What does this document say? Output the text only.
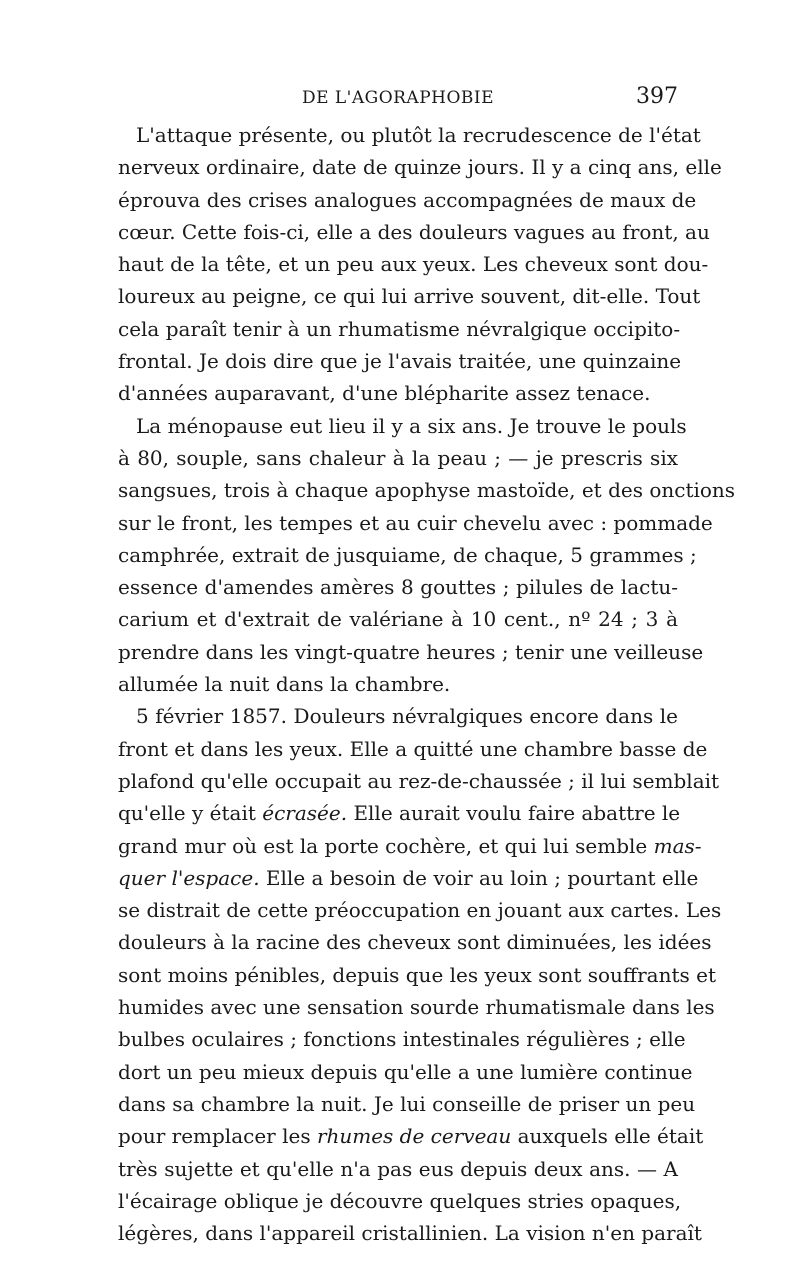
DE L'AGORAPHOBIE	397
L'attaque présente, ou plutôt la recrudescence de l'état
nerveux ordinaire, date de quinze jours. Il y a cinq ans, elle
éprouva des crises analogues accompagnées de maux de
cœur. Cette fois-ci, elle a des douleurs vagues au front, au
haut de la tête, et un peu aux yeux. Les cheveux sont dou-
loureux au peigne, ce qui lui arrive souvent, dit-elle. Tout
cela paraît tenir à un rhumatisme névralgique occipito-
frontal. Je dois dire que je l'avais traitée, une quinzaine
d'années auparavant, d'une blépharite assez tenace.
La ménopause eut lieu il y a six ans. Je trouve le pouls
à 80, souple, sans chaleur à la peau ; — je prescris six
sangsues, trois à chaque apophyse mastoïde, et des onctions
sur le front, les tempes et au cuir chevelu avec : pommade
camphrée, extrait de jusquiame, de chaque, 5 grammes ;
essence d'amendes amères 8 gouttes ; pilules de lactu-
carium et d'extrait de valériane à 10 cent., nº 24 ; 3 à
prendre dans les vingt-quatre heures ; tenir une veilleuse
allumée la nuit dans la chambre.
5 février 1857. Douleurs névralgiques encore dans le
front et dans les yeux. Elle a quitté une chambre basse de
plafond qu'elle occupait au rez-de-chaussée ; il lui semblait
qu'elle y était écrasée. Elle aurait voulu faire abattre le
grand mur où est la porte cochère, et qui lui semble mas-
quer l'espace. Elle a besoin de voir au loin ; pourtant elle
se distrait de cette préoccupation en jouant aux cartes. Les
douleurs à la racine des cheveux sont diminuées, les idées
sont moins pénibles, depuis que les yeux sont souffrants et
humides avec une sensation sourde rhumatismale dans les
bulbes oculaires ; fonctions intestinales régulières ; elle
dort un peu mieux depuis qu'elle a une lumière continue
dans sa chambre la nuit. Je lui conseille de priser un peu
pour remplacer les rhumes de cerveau auxquels elle était
très sujette et qu'elle n'a pas eus depuis deux ans. — A
l'écairage oblique je découvre quelques stries opaques,
légères, dans l'appareil cristallinien. La vision n'en paraît
